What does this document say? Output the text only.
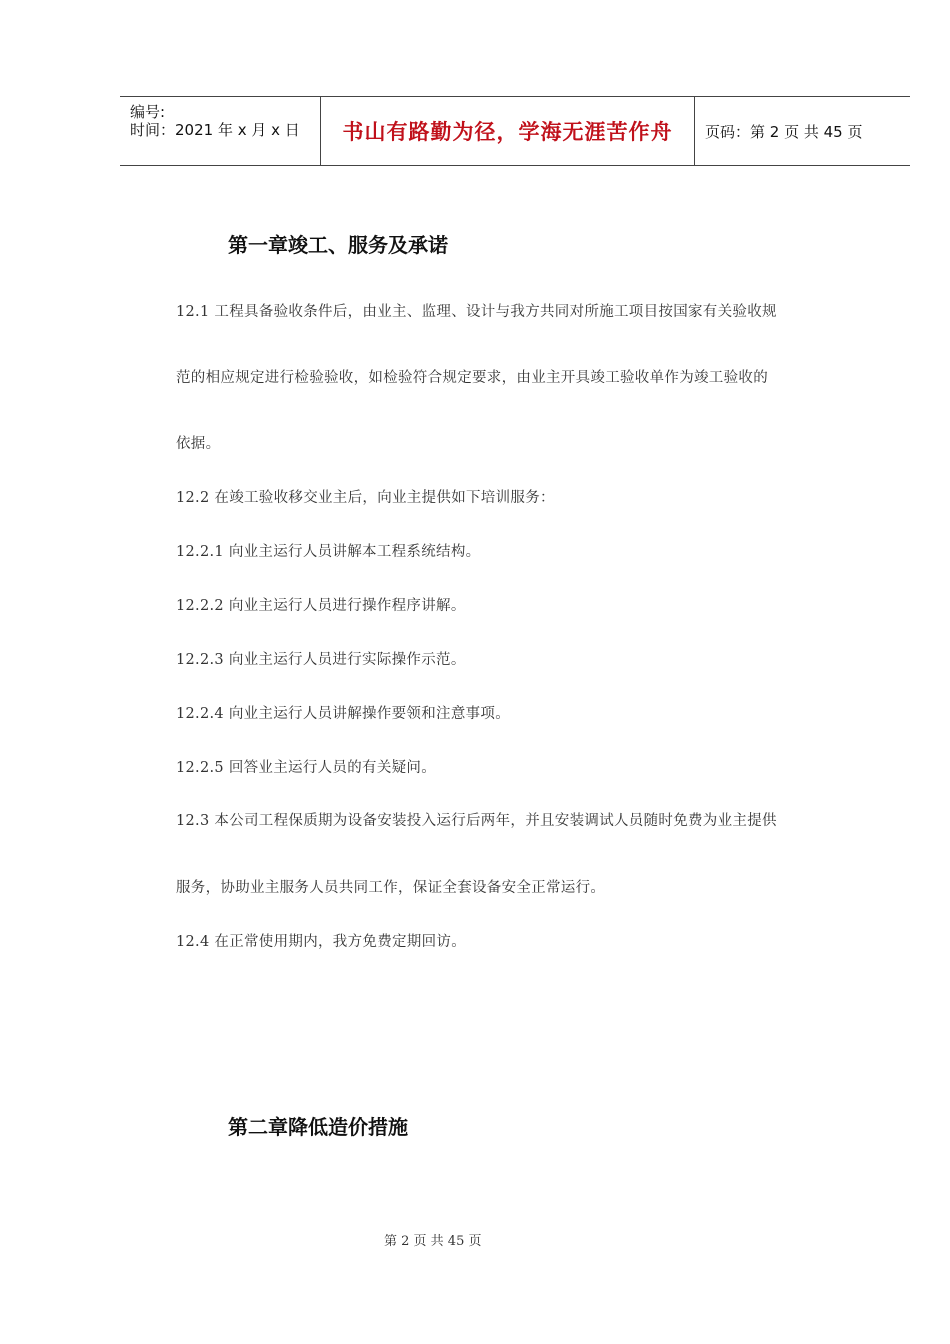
编号:
时间：2021 年 x 月 x 日 书山有路勤为径，学海无涯苦作舟 页码：第 2 页 共 45 页
第一章竣工、服务及承诺
12.1 工程具备验收条件后，由业主、监理、设计与我方共同对所施工项目按国家有关验收规
范的相应规定进行检验验收，如检验符合规定要求，由业主开具竣工验收单作为竣工验收的
依据。
12.2 在竣工验收移交业主后，向业主提供如下培训服务：
12.2.1 向业主运行人员讲解本工程系统结构。
12.2.2 向业主运行人员进行操作程序讲解。
12.2.3 向业主运行人员进行实际操作示范。
12.2.4 向业主运行人员讲解操作要领和注意事项。
12.2.5 回答业主运行人员的有关疑问。
12.3 本公司工程保质期为设备安装投入运行后两年，并且安装调试人员随时免费为业主提供
服务，协助业主服务人员共同工作，保证全套设备安全正常运行。
12.4 在正常使用期内，我方免费定期回访。
第二章降低造价措施
第 2 页 共 45 页
